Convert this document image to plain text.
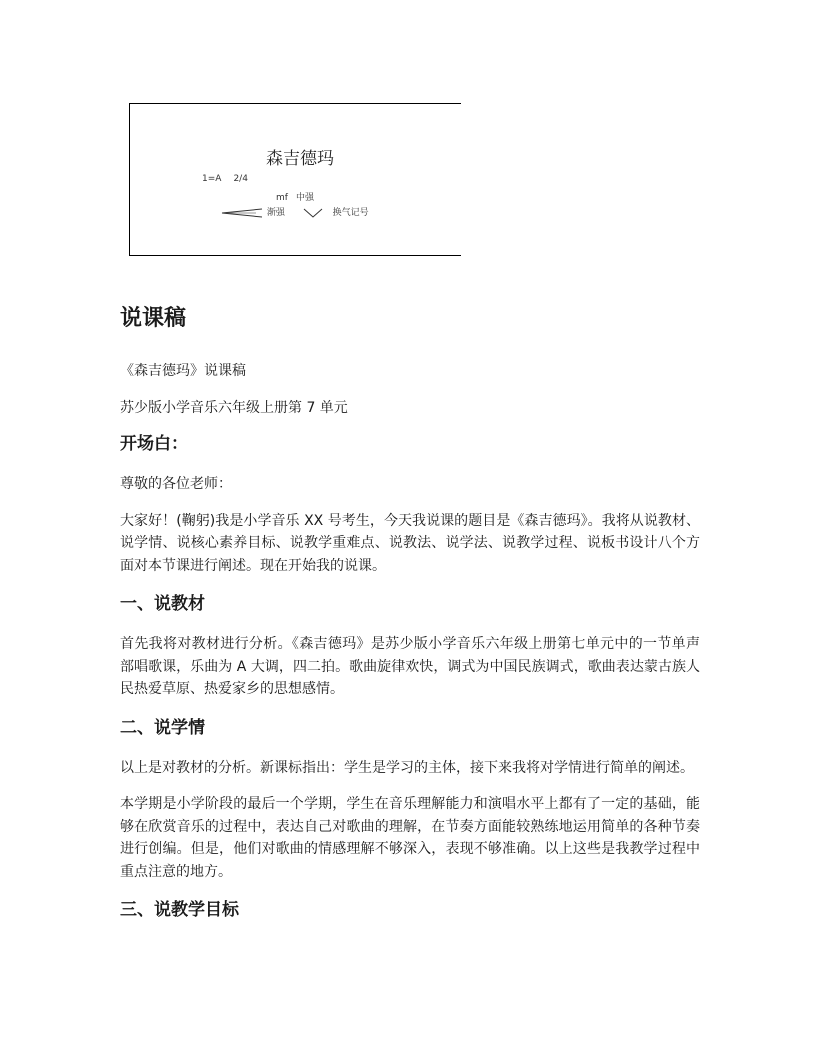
森吉德玛
1=A 2/4
mf 中强
渐强	换气记号
说课稿

《森吉德玛》说课稿

苏少版小学音乐六年级上册第 7 单元

开场白：

尊敬的各位老师：

大家好！(鞠躬)我是小学音乐 XX 号考生，今天我说课的题目是《森吉德玛》。我将从说教材、说学情、说核心素养目标、说教学重难点、说教法、说学法、说教学过程、说板书设计八个方面对本节课进行阐述。现在开始我的说课。

一、说教材

首先我将对教材进行分析。《森吉德玛》是苏少版小学音乐六年级上册第七单元中的一节单声部唱歌课，乐曲为 A 大调，四二拍。歌曲旋律欢快，调式为中国民族调式，歌曲表达蒙古族人民热爱草原、热爱家乡的思想感情。

二、说学情

以上是对教材的分析。新课标指出：学生是学习的主体，接下来我将对学情进行简单的阐述。

本学期是小学阶段的最后一个学期，学生在音乐理解能力和演唱水平上都有了一定的基础，能够在欣赏音乐的过程中，表达自己对歌曲的理解，在节奏方面能较熟练地运用简单的各种节奏进行创编。但是，他们对歌曲的情感理解不够深入，表现不够准确。以上这些是我教学过程中重点注意的地方。

三、说教学目标
